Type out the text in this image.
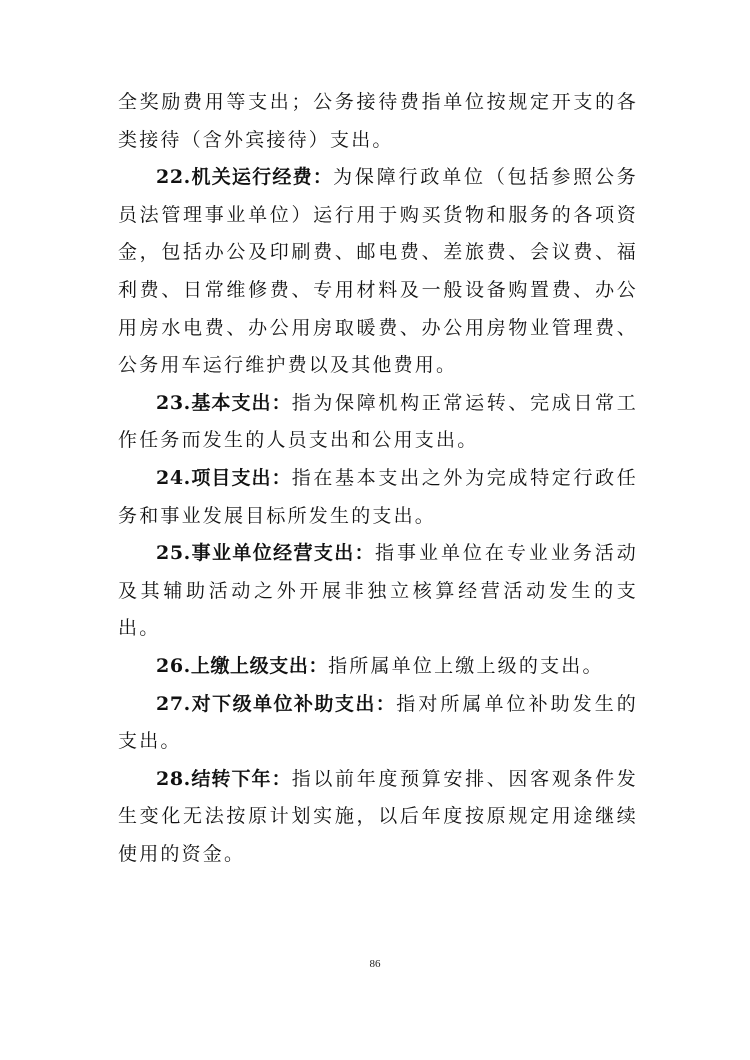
全奖励费用等支出；公务接待费指单位按规定开支的各类接待（含外宾接待）支出。

22.机关运行经费：为保障行政单位（包括参照公务员法管理事业单位）运行用于购买货物和服务的各项资金，包括办公及印刷费、邮电费、差旅费、会议费、福利费、日常维修费、专用材料及一般设备购置费、办公用房水电费、办公用房取暖费、办公用房物业管理费、公务用车运行维护费以及其他费用。

23.基本支出：指为保障机构正常运转、完成日常工作任务而发生的人员支出和公用支出。

24.项目支出：指在基本支出之外为完成特定行政任务和事业发展目标所发生的支出。

25.事业单位经营支出：指事业单位在专业业务活动及其辅助活动之外开展非独立核算经营活动发生的支出。

26.上缴上级支出：指所属单位上缴上级的支出。

27.对下级单位补助支出：指对所属单位补助发生的支出。

28.结转下年：指以前年度预算安排、因客观条件发生变化无法按原计划实施，以后年度按原规定用途继续使用的资金。

86
